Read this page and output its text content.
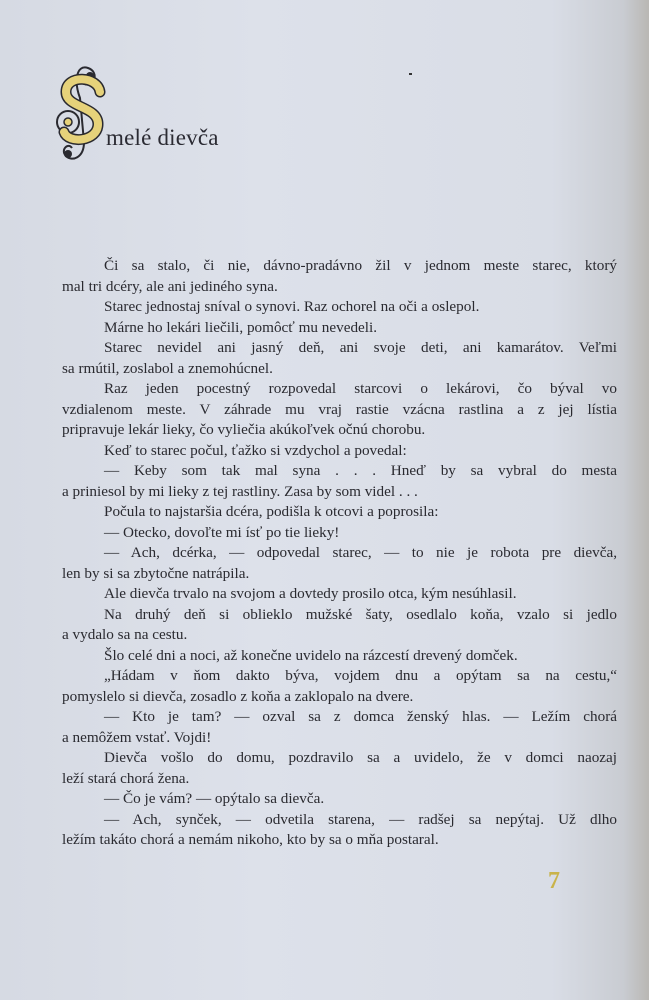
S
melé dievča
Či sa stalo, či nie, dávno-pradávno žil v jednom meste starec, ktorý
mal tri dcéry, ale ani jediného syna.
Starec jednostaj sníval o synovi. Raz ochorel na oči a oslepol.
Márne ho lekári liečili, pomôcť mu nevedeli.
Starec nevidel ani jasný deň, ani svoje deti, ani kamarátov. Veľmi
sa rmútil, zoslabol a znemohúcnel.
Raz jeden pocestný rozpovedal starcovi o lekárovi, čo býval vo
vzdialenom meste. V záhrade mu vraj rastie vzácna rastlina a z jej lístia
pripravuje lekár lieky, čo vyliečia akúkoľvek očnú chorobu.
Keď to starec počul, ťažko si vzdychol a povedal:
— Keby som tak mal syna . . . Hneď by sa vybral do mesta
a priniesol by mi lieky z tej rastliny. Zasa by som videl . . .
Počula to najstaršia dcéra, podišla k otcovi a poprosila:
— Otecko, dovoľte mi ísť po tie lieky!
— Ach, dcérka, — odpovedal starec, — to nie je robota pre dievča,
len by si sa zbytočne natrápila.
Ale dievča trvalo na svojom a dovtedy prosilo otca, kým nesúhlasil.
Na druhý deň si oblieklo mužské šaty, osedlalo koňa, vzalo si jedlo
a vydalo sa na cestu.
Šlo celé dni a noci, až konečne uvidelo na rázcestí drevený domček.
„Hádam v ňom dakto býva, vojdem dnu a opýtam sa na cestu,“
pomyslelo si dievča, zosadlo z koňa a zaklopalo na dvere.
— Kto je tam? — ozval sa z domca ženský hlas. — Ležím chorá
a nemôžem vstať. Vojdi!
Dievča vošlo do domu, pozdravilo sa a uvidelo, že v domci naozaj
leží stará chorá žena.
— Čo je vám? — opýtalo sa dievča.
— Ach, synček, — odvetila starena, — radšej sa nepýtaj. Už dlho
ležím takáto chorá a nemám nikoho, kto by sa o mňa postaral.
7
